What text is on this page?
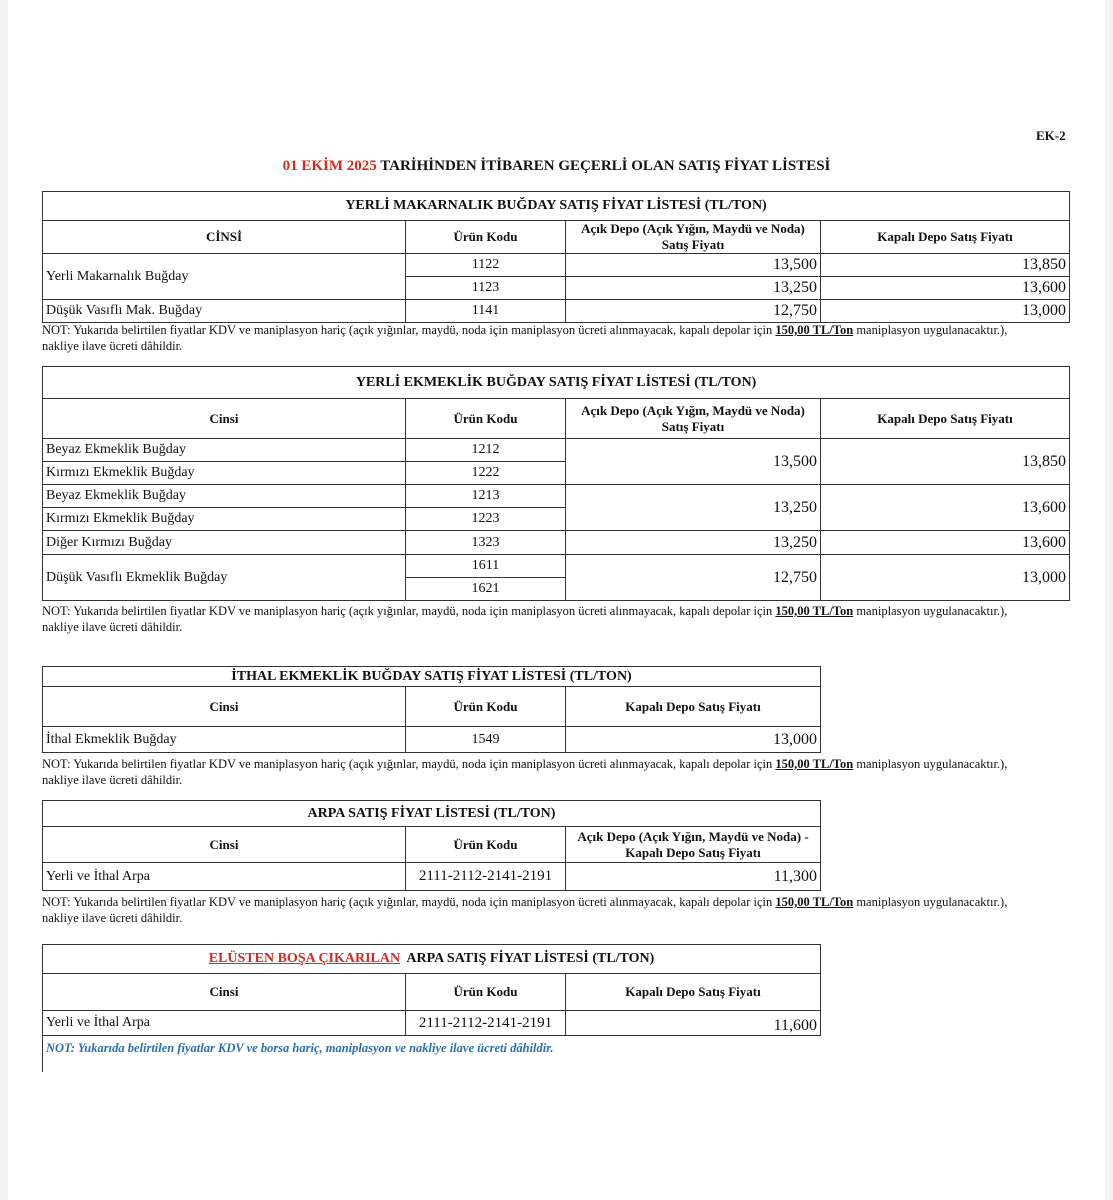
EK-2
01 EKİM 2025 TARİHİNDEN İTİBAREN GEÇERLİ OLAN SATIŞ FİYAT LİSTESİ
YERLİ MAKARNALIK BUĞDAY SATIŞ FİYAT LİSTESİ (TL/TON)			
CİNSİ	Ürün Kodu	Açık Depo (Açık Yığın, Maydü ve Noda) Satış Fiyatı	Kapalı Depo Satış Fiyatı
Yerli Makarnalık Buğday	1122	13,500	13,850
	1123	13,250	13,600
Düşük Vasıflı Mak. Buğday	1141	12,750	13,000
NOT: Yukarıda belirtilen fiyatlar KDV ve maniplasyon hariç (açık yığınlar, maydü, noda için maniplasyon ücreti alınmayacak, kapalı depolar için 150,00 TL/Ton maniplasyon uygulanacaktır.),
nakliye ilave ücreti dâhildir.
YERLİ EKMEKLİK BUĞDAY SATIŞ FİYAT LİSTESİ (TL/TON)			
Cinsi	Ürün Kodu	Açık Depo (Açık Yığın, Maydü ve Noda) Satış Fiyatı	Kapalı Depo Satış Fiyatı
Beyaz Ekmeklik Buğday	1212	13,500	13,850
Kırmızı Ekmeklik Buğday	1222		
Beyaz Ekmeklik Buğday	1213	13,250	13,600
Kırmızı Ekmeklik Buğday	1223		
Diğer Kırmızı Buğday	1323	13,250	13,600
Düşük Vasıflı Ekmeklik Buğday	1611	12,750	13,000
	1621		
NOT: Yukarıda belirtilen fiyatlar KDV ve maniplasyon hariç (açık yığınlar, maydü, noda için maniplasyon ücreti alınmayacak, kapalı depolar için 150,00 TL/Ton maniplasyon uygulanacaktır.),
nakliye ilave ücreti dâhildir.
İTHAL EKMEKLİK BUĞDAY SATIŞ FİYAT LİSTESİ (TL/TON)		
Cinsi	Ürün Kodu	Kapalı Depo Satış Fiyatı
İthal Ekmeklik Buğday	1549	13,000
NOT: Yukarıda belirtilen fiyatlar KDV ve maniplasyon hariç (açık yığınlar, maydü, noda için maniplasyon ücreti alınmayacak, kapalı depolar için 150,00 TL/Ton maniplasyon uygulanacaktır.),
nakliye ilave ücreti dâhildir.
ARPA SATIŞ FİYAT LİSTESİ (TL/TON)		
Cinsi	Ürün Kodu	Açık Depo (Açık Yığın, Maydü ve Noda) - Kapalı Depo Satış Fiyatı
Yerli ve İthal Arpa	2111-2112-2141-2191	11,300
NOT: Yukarıda belirtilen fiyatlar KDV ve maniplasyon hariç (açık yığınlar, maydü, noda için maniplasyon ücreti alınmayacak, kapalı depolar için 150,00 TL/Ton maniplasyon uygulanacaktır.),
nakliye ilave ücreti dâhildir.
ELÜSTEN BOŞA ÇIKARILAN  ARPA SATIŞ FİYAT LİSTESİ (TL/TON)		
Cinsi	Ürün Kodu	Kapalı Depo Satış Fiyatı
Yerli ve İthal Arpa	2111-2112-2141-2191	11,600
NOT: Yukarıda belirtilen fiyatlar KDV ve borsa hariç, maniplasyon ve nakliye ilave ücreti dâhildir.
